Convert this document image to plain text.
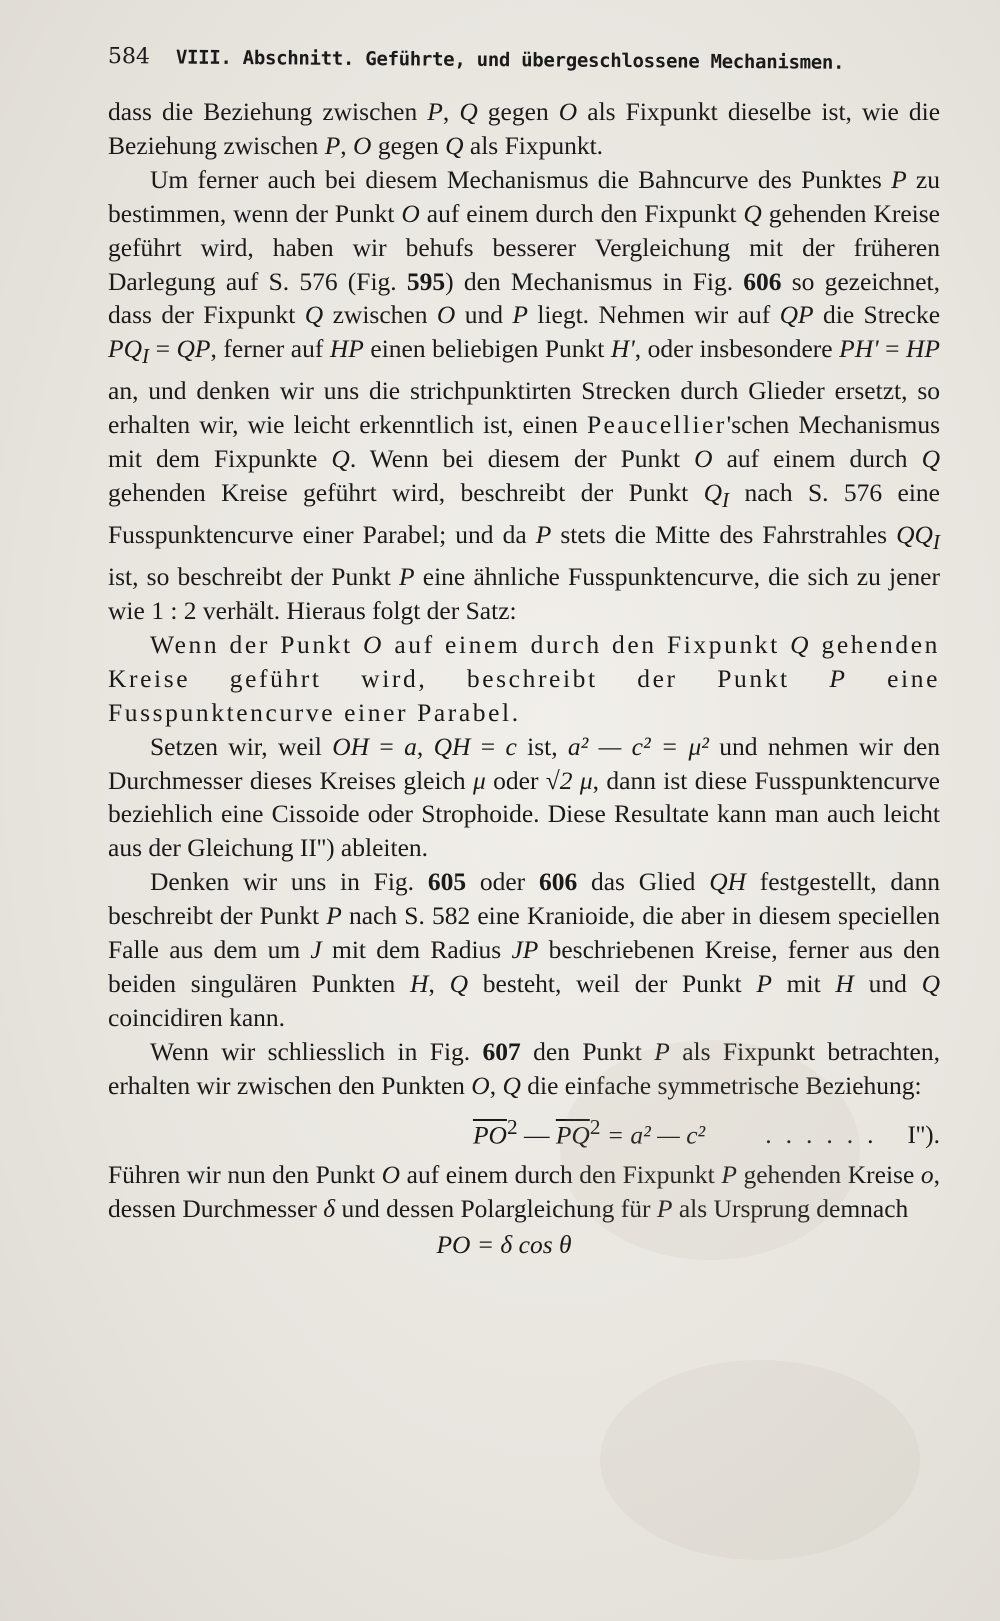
584 VIII. Abschnitt. Geführte, und übergeschlossene Mechanismen.

dass die Beziehung zwischen P, Q gegen O als Fixpunkt dieselbe ist, wie die Beziehung zwischen P, O gegen Q als Fixpunkt.

Um ferner auch bei diesem Mechanismus die Bahncurve des Punktes P zu bestimmen, wenn der Punkt O auf einem durch den Fixpunkt Q gehenden Kreise geführt wird, haben wir behufs besserer Vergleichung mit der früheren Darlegung auf S. 576 (Fig. 595) den Mechanismus in Fig. 606 so gezeichnet, dass der Fixpunkt Q zwischen O und P liegt. Nehmen wir auf QP die Strecke $PQ_I$ = QP, ferner auf HP einen beliebigen Punkt H', oder insbesondere PH' = HP an, und denken wir uns die strichpunktirten Strecken durch Glieder ersetzt, so erhalten wir, wie leicht erkenntlich ist, einen Peaucellier'schen Mechanismus mit dem Fixpunkte Q. Wenn bei diesem der Punkt O auf einem durch Q gehenden Kreise geführt wird, beschreibt der Punkt $Q_I$ nach S. 576 eine Fusspunktencurve einer Parabel; und da P stets die Mitte des Fahrstrahles $QQ_I$ ist, so beschreibt der Punkt P eine ähnliche Fusspunktencurve, die sich zu jener wie 1 : 2 verhält. Hieraus folgt der Satz:

Wenn der Punkt O auf einem durch den Fixpunkt Q gehenden Kreise geführt wird, beschreibt der Punkt P eine Fusspunktencurve einer Parabel.

Setzen wir, weil OH = a, QH = c ist, a² — c² = μ² und nehmen wir den Durchmesser dieses Kreises gleich μ oder √2 μ, dann ist diese Fusspunktencurve beziehlich eine Cissoide oder Strophoide. Diese Resultate kann man auch leicht aus der Gleichung II'') ableiten.

Denken wir uns in Fig. 605 oder 606 das Glied QH festgestellt, dann beschreibt der Punkt P nach S. 582 eine Kranioide, die aber in diesem speciellen Falle aus dem um J mit dem Radius JP beschriebenen Kreise, ferner aus den beiden singulären Punkten H, Q besteht, weil der Punkt P mit H und Q coincidiren kann.

Wenn wir schliesslich in Fig. 607 den Punkt P als Fixpunkt betrachten, erhalten wir zwischen den Punkten O, Q die einfache symmetrische Beziehung:

$\overline{PO}^2$ — $\overline{PQ}^2 = a^2$ — c² ...... I'').

Führen wir nun den Punkt O auf einem durch den Fixpunkt P gehenden Kreise o, dessen Durchmesser δ und dessen Polargleichung für P als Ursprung demnach

PO = δ cos θ
